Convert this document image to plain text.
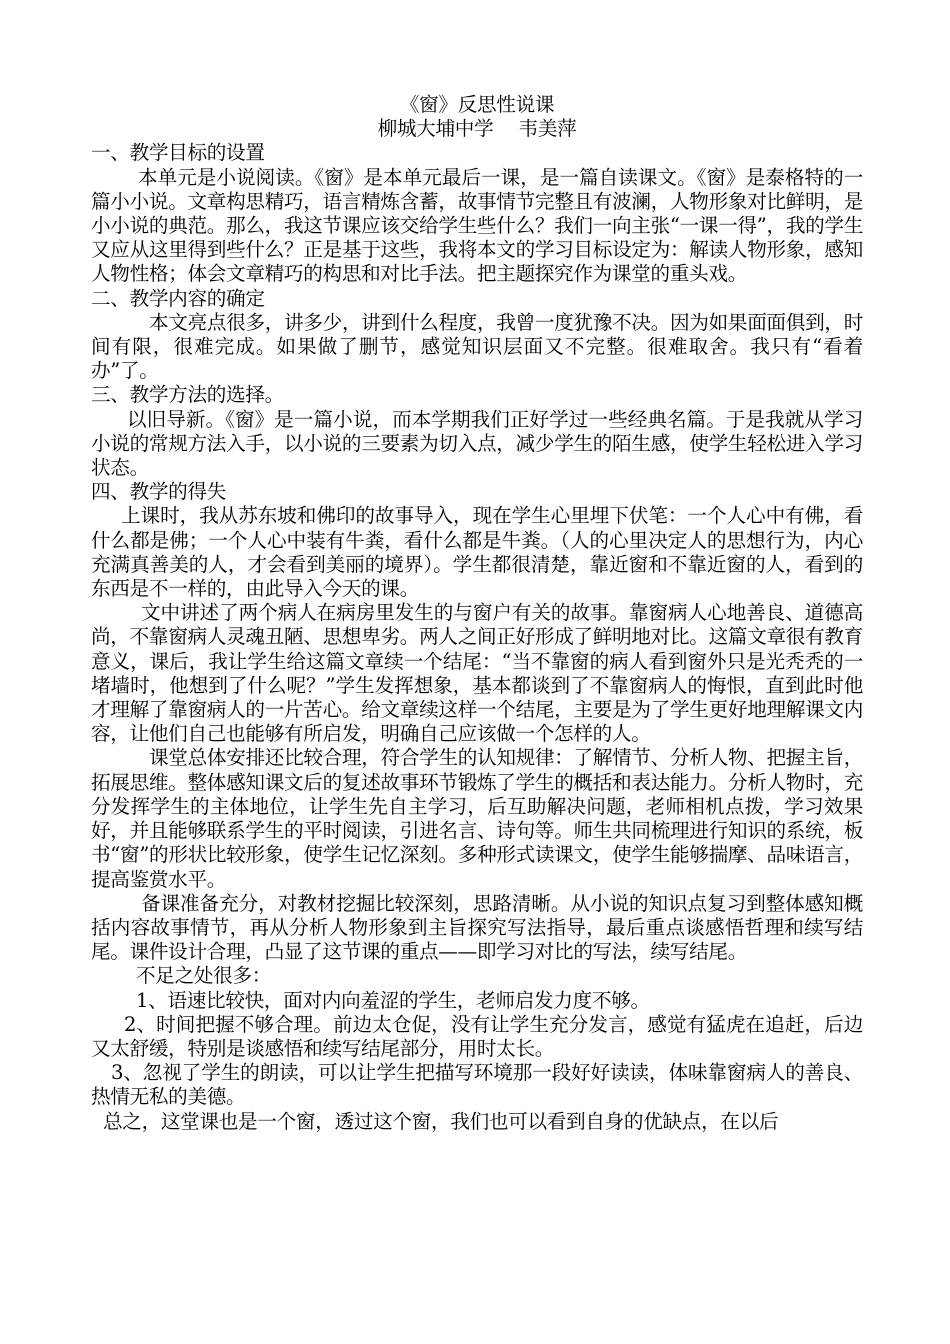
《窗》反思性说课

柳城大埔中学　 韦美萍

一、教学目标的设置

本单元是小说阅读。《窗》是本单元最后一课，是一篇自读课文。《窗》是泰格特的一篇小小说。文章构思精巧，语言精炼含蓄，故事情节完整且有波澜，人物形象对比鲜明，是小小说的典范。那么，我这节课应该交给学生些什么？我们一向主张“一课一得”，我的学生又应从这里得到些什么？正是基于这些，我将本文的学习目标设定为：解读人物形象，感知人物性格；体会文章精巧的构思和对比手法。把主题探究作为课堂的重头戏。

二、教学内容的确定

本文亮点很多，讲多少，讲到什么程度，我曾一度犹豫不决。因为如果面面俱到，时间有限，很难完成。如果做了删节，感觉知识层面又不完整。很难取舍。我只有“看着办”了。

三、教学方法的选择。

以旧导新。《窗》是一篇小说，而本学期我们正好学过一些经典名篇。于是我就从学习小说的常规方法入手，以小说的三要素为切入点，减少学生的陌生感，使学生轻松进入学习状态。

四、教学的得失

上课时，我从苏东坡和佛印的故事导入，现在学生心里埋下伏笔：一个人心中有佛，看什么都是佛；一个人心中装有牛粪，看什么都是牛粪。（人的心里决定人的思想行为，内心充满真善美的人，才会看到美丽的境界）。学生都很清楚，靠近窗和不靠近窗的人，看到的东西是不一样的，由此导入今天的课。

文中讲述了两个病人在病房里发生的与窗户有关的故事。靠窗病人心地善良、道德高尚，不靠窗病人灵魂丑陋、思想卑劣。两人之间正好形成了鲜明地对比。这篇文章很有教育意义，课后，我让学生给这篇文章续一个结尾：“当不靠窗的病人看到窗外只是光秃秃的一堵墙时，他想到了什么呢？”学生发挥想象，基本都谈到了不靠窗病人的悔恨，直到此时他才理解了靠窗病人的一片苦心。给文章续这样一个结尾，主要是为了学生更好地理解课文内容，让他们自己也能够有所启发，明确自己应该做一个怎样的人。

课堂总体安排还比较合理，符合学生的认知规律：了解情节、分析人物、把握主旨，拓展思维。整体感知课文后的复述故事环节锻炼了学生的概括和表达能力。分析人物时，充分发挥学生的主体地位，让学生先自主学习，后互助解决问题，老师相机点拨，学习效果好，并且能够联系学生的平时阅读，引进名言、诗句等。师生共同梳理进行知识的系统，板书“窗”的形状比较形象，使学生记忆深刻。多种形式读课文，使学生能够揣摩、品味语言，提高鉴赏水平。

备课准备充分，对教材挖掘比较深刻，思路清晰。从小说的知识点复习到整体感知概括内容故事情节，再从分析人物形象到主旨探究写法指导，最后重点谈感悟哲理和续写结尾。课件设计合理，凸显了这节课的重点——即学习对比的写法，续写结尾。

不足之处很多：

1、语速比较快，面对内向羞涩的学生，老师启发力度不够。

2、时间把握不够合理。前边太仓促，没有让学生充分发言，感觉有猛虎在追赶，后边又太舒缓，特别是谈感悟和续写结尾部分，用时太长。

3、忽视了学生的朗读，可以让学生把描写环境那一段好好读读，体味靠窗病人的善良、热情无私的美德。

总之，这堂课也是一个窗，透过这个窗，我们也可以看到自身的优缺点，在以后
